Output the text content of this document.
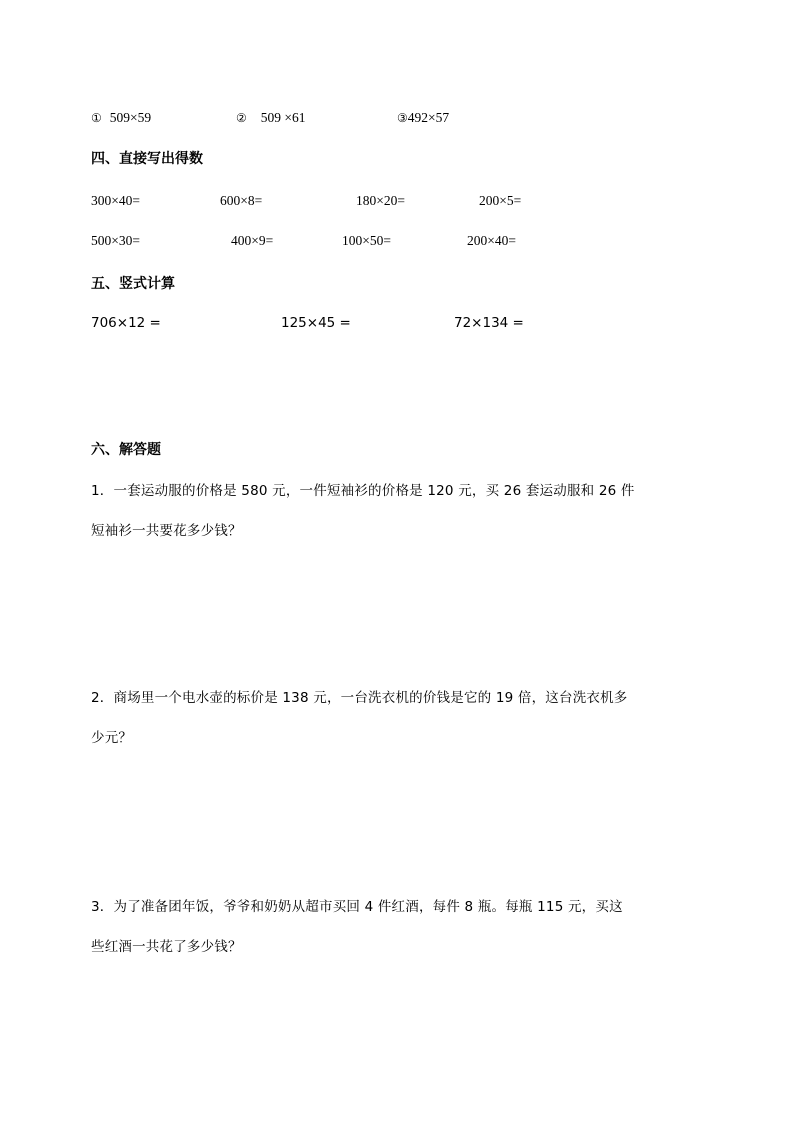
① 509×59	② 509 ×61	③492×57
四、直接写出得数
300×40=	600×8=	180×20=	200×5=
500×30=	400×9=	100×50=	200×40=
五、竖式计算
706×12 =	125×45 =	72×134 =
六、解答题
1．一套运动服的价格是 580 元，一件短袖衫的价格是 120 元，买 26 套运动服和 26 件
短袖衫一共要花多少钱？
2．商场里一个电水壶的标价是 138 元，一台洗衣机的价钱是它的 19 倍，这台洗衣机多
少元？
3．为了准备团年饭，爷爷和奶奶从超市买回 4 件红酒，每件 8 瓶。每瓶 115 元，买这
些红酒一共花了多少钱？
